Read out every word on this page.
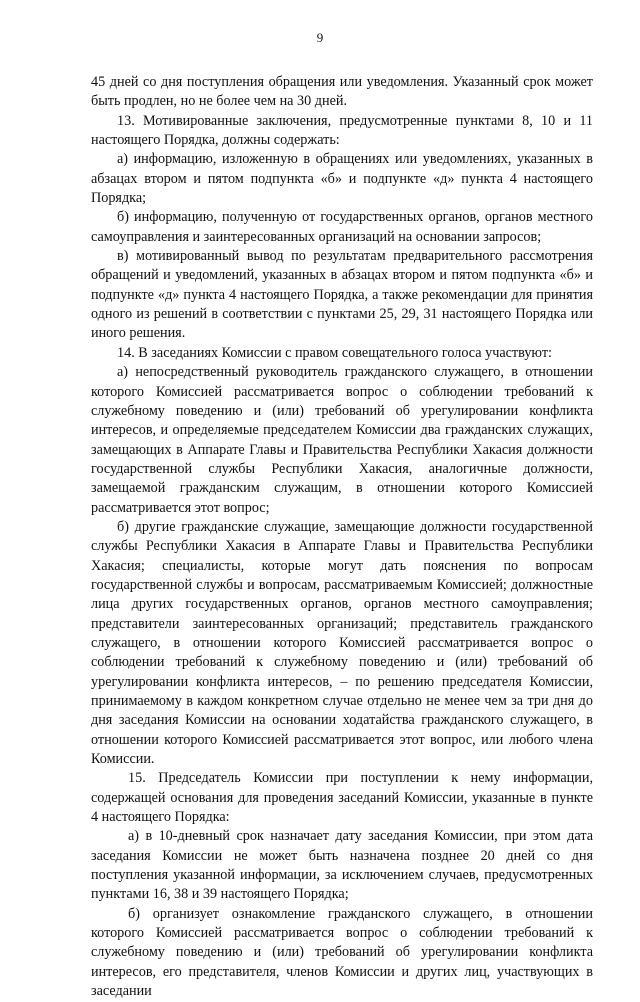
9

45 дней со дня поступления обращения или уведомления. Указанный срок может быть продлен, но не более чем на 30 дней.

13. Мотивированные заключения, предусмотренные пунктами 8, 10 и 11 настоящего Порядка, должны содержать:

а) информацию, изложенную в обращениях или уведомлениях, указанных в абзацах втором и пятом подпункта «б» и подпункте «д» пункта 4 настоящего Порядка;

б) информацию, полученную от государственных органов, органов местного самоуправления и заинтересованных организаций на основании запросов;

в) мотивированный вывод по результатам предварительного рассмотрения обращений и уведомлений, указанных в абзацах втором и пятом подпункта «б» и подпункте «д» пункта 4 настоящего Порядка, а также рекомендации для принятия одного из решений в соответствии с пунктами 25, 29, 31 настоящего Порядка или иного решения.

14. В заседаниях Комиссии с правом совещательного голоса участвуют:

а) непосредственный руководитель гражданского служащего, в отношении которого Комиссией рассматривается вопрос о соблюдении требований к служебному поведению и (или) требований об урегулировании конфликта интересов, и определяемые председателем Комиссии два гражданских служащих, замещающих в Аппарате Главы и Правительства Республики Хакасия должности государственной службы Республики Хакасия, аналогичные должности, замещаемой гражданским служащим, в отношении которого Комиссией рассматривается этот вопрос;

б) другие гражданские служащие, замещающие должности государственной службы Республики Хакасия в Аппарате Главы и Правительства Республики Хакасия; специалисты, которые могут дать пояснения по вопросам государственной службы и вопросам, рассматриваемым Комиссией; должностные лица других государственных органов, органов местного самоуправления; представители заинтересованных организаций; представитель гражданского служащего, в отношении которого Комиссией рассматривается вопрос о соблюдении требований к служебному поведению и (или) требований об урегулировании конфликта интересов, – по решению председателя Комиссии, принимаемому в каждом конкретном случае отдельно не менее чем за три дня до дня заседания Комиссии на основании ходатайства гражданского служащего, в отношении которого Комиссией рассматривается этот вопрос, или любого члена Комиссии.

15. Председатель Комиссии при поступлении к нему информации, содержащей основания для проведения заседаний Комиссии, указанные в пункте 4 настоящего Порядка:

а) в 10-дневный срок назначает дату заседания Комиссии, при этом дата заседания Комиссии не может быть назначена позднее 20 дней со дня поступления указанной информации, за исключением случаев, предусмотренных пунктами 16, 38 и 39 настоящего Порядка;

б) организует ознакомление гражданского служащего, в отношении которого Комиссией рассматривается вопрос о соблюдении требований к служебному поведению и (или) требований об урегулировании конфликта интересов, его представителя, членов Комиссии и других лиц, участвующих в заседании
